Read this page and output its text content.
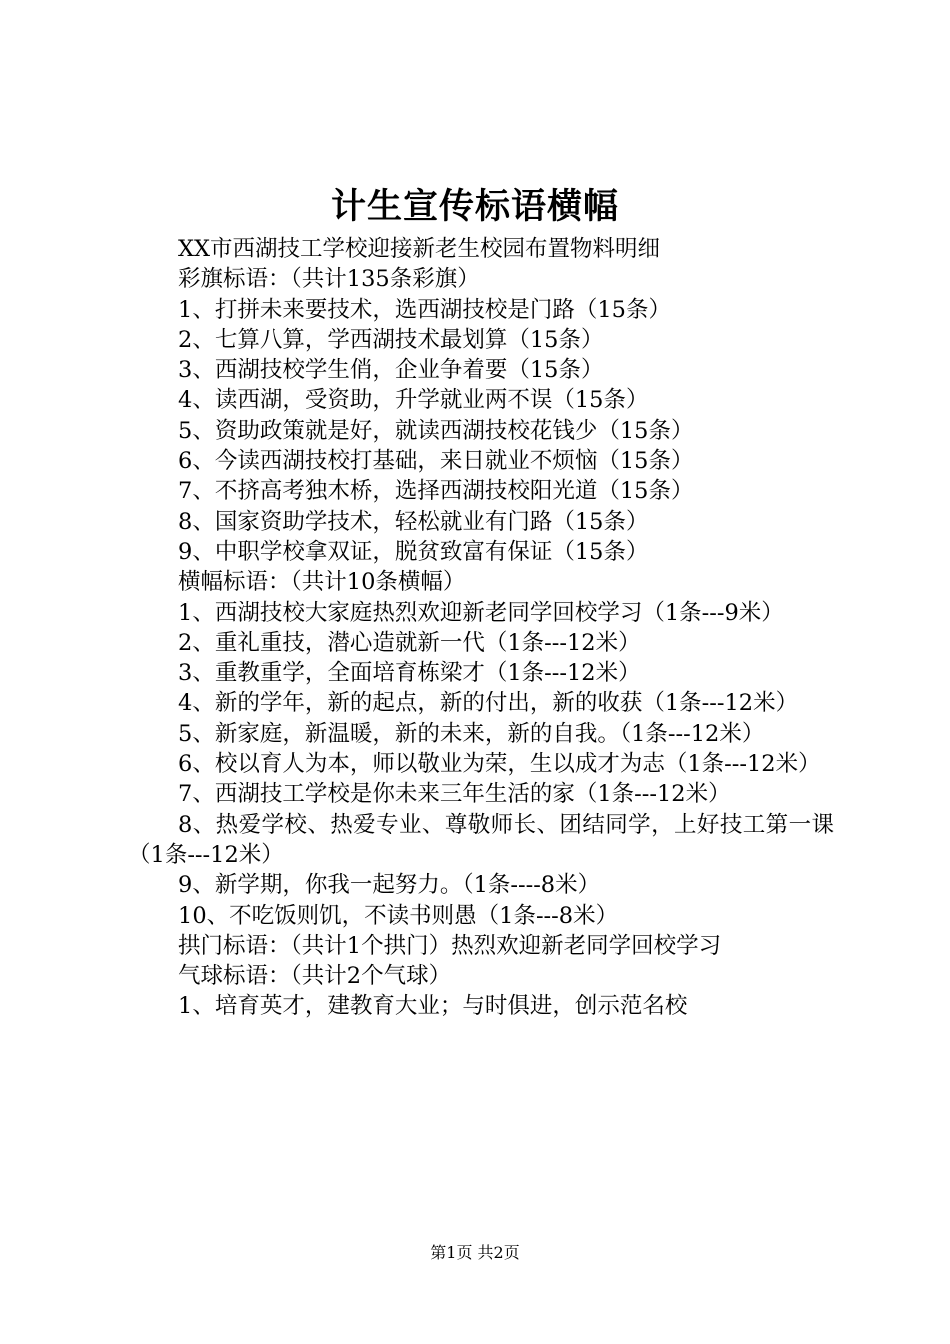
计生宣传标语横幅

XX市西湖技工学校迎接新老生校园布置物料明细

彩旗标语：（共计135条彩旗）

1、打拼未来要技术，选西湖技校是门路（15条）

2、七算八算，学西湖技术最划算（15条）

3、西湖技校学生俏，企业争着要（15条）

4、读西湖，受资助，升学就业两不误（15条）

5、资助政策就是好，就读西湖技校花钱少（15条）

6、今读西湖技校打基础，来日就业不烦恼（15条）

7、不挤高考独木桥，选择西湖技校阳光道（15条）

8、国家资助学技术，轻松就业有门路（15条）

9、中职学校拿双证，脱贫致富有保证（15条）

横幅标语：（共计10条横幅）

1、西湖技校大家庭热烈欢迎新老同学回校学习（1条---9米）

2、重礼重技，潜心造就新一代（1条---12米）

3、重教重学，全面培育栋梁才（1条---12米）

4、新的学年，新的起点，新的付出，新的收获（1条---12米）

5、新家庭，新温暖，新的未来，新的自我。（1条---12米）

6、校以育人为本，师以敬业为荣，生以成才为志（1条---12米）

7、西湖技工学校是你未来三年生活的家（1条---12米）

8、热爱学校、热爱专业、尊敬师长、团结同学，上好技工第一课（1条---12米）

9、新学期，你我一起努力。（1条----8米）

10、不吃饭则饥，不读书则愚（1条---8米）

拱门标语：（共计1个拱门）热烈欢迎新老同学回校学习

气球标语：（共计2个气球）

1、培育英才，建教育大业；与时俱进，创示范名校

第1页 共2页
